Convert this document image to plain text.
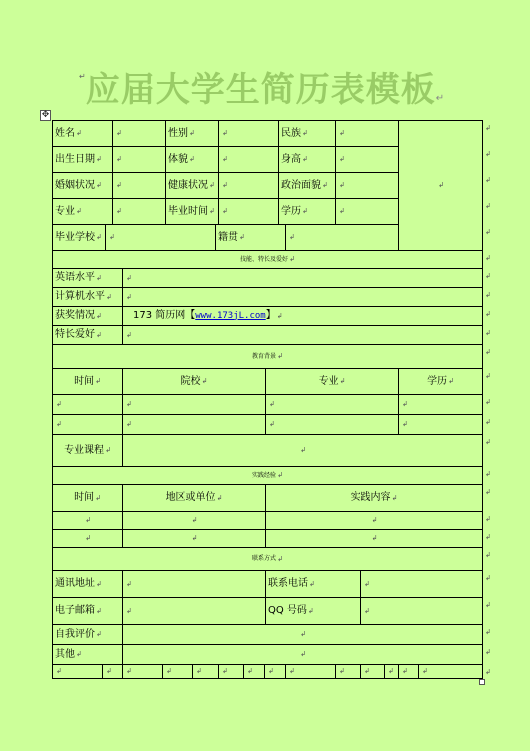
↵ 应届大学生简历表模板↵
✥
姓名 ↲	↲	性别 ↲	↲	民族 ↲	↲
↲
出生日期 ↲ ↲	体貌 ↲	↲	身高 ↲	↲
婚姻状况 ↲ ↲	健康状况 ↲ ↲	政治面貌 ↲ ↲
专业 ↲	↲	毕业时间 ↲ ↲	学历 ↲	↲
毕业学校 ↲ ↲	籍贯 ↲	↲
技能、特长及爱好 ↲
英语水平 ↲	↲
计算机水平 ↲ ↲
获奖情况 ↲	173 简历网【 www.173jL.com 】 ↲
特长爱好 ↲	↲
教育背景 ↲
时间 ↲	院校 ↲	专业 ↲	学历 ↲
↲	↲	↲	↲
↲	↲	↲	↲
专业课程 ↲	↲
实践经验 ↲
时间 ↲	地区或单位 ↲	实践内容 ↲
↲	↲	↲
↲	↲	↲
联系方式 ↲
通讯地址 ↲	↲	联系电话 ↲	↲
电子邮箱 ↲	↲	QQ 号码 ↲	↲
自我评价 ↲	↲
其他 ↲	↲
↲	↲ ↲	↲	↲	↲	↲ ↲ ↲	↲	↲	↲ ↲ ↲
↲
↲
↲
↲
↲
↲
↲
↲
↲
↲
↲
↲
↲
↲
↲
↲
↲
↲
↲
↲
↲
↲
↲
↲
↲
